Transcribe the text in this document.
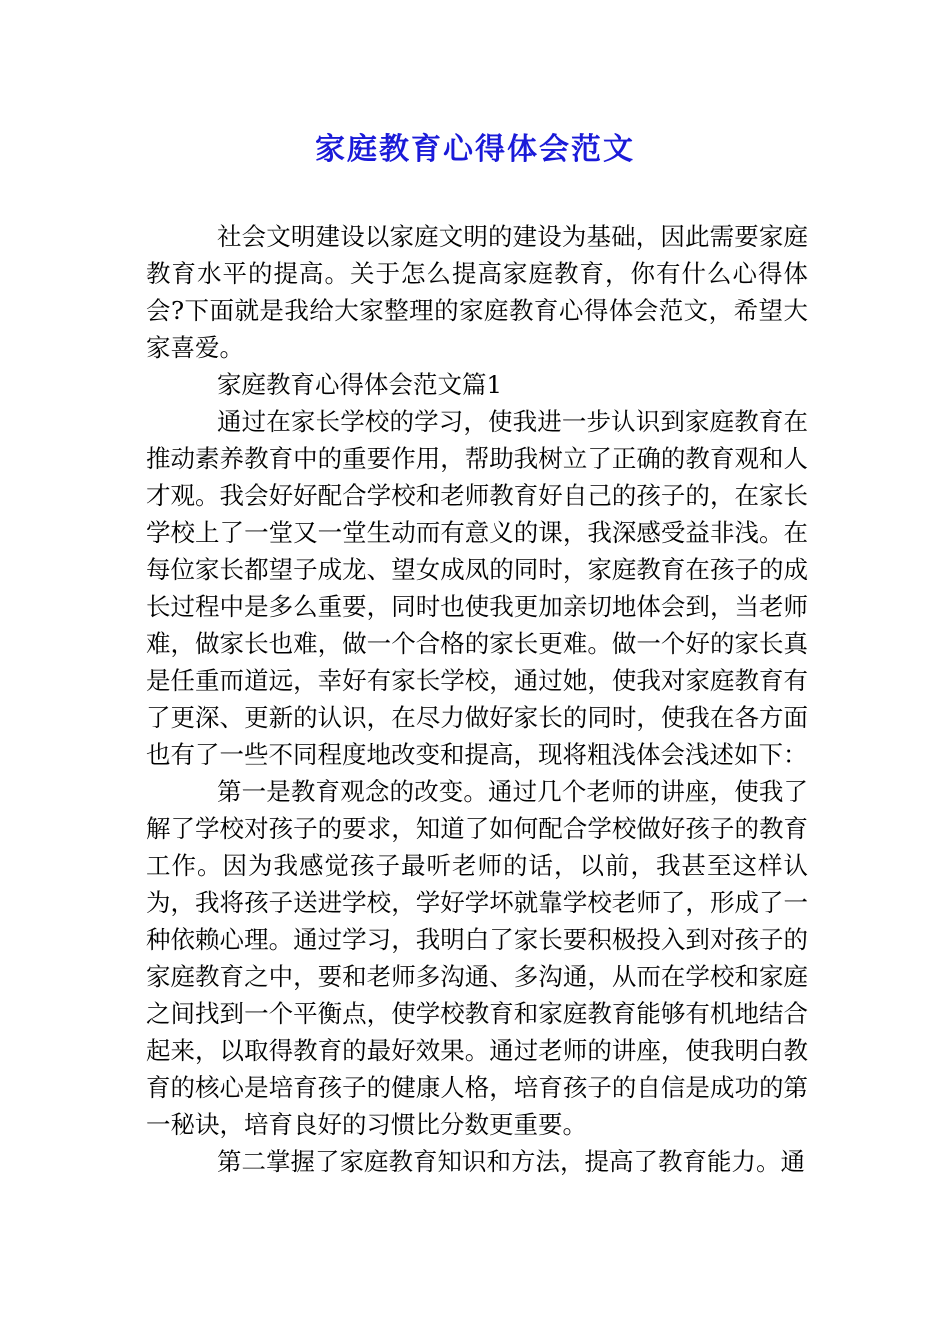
家庭教育心得体会范文

社会文明建设以家庭文明的建设为基础，因此需要家庭教育水平的提高。关于怎么提高家庭教育，你有什么心得体会?下面就是我给大家整理的家庭教育心得体会范文，希望大家喜爱。

家庭教育心得体会范文篇1

通过在家长学校的学习，使我进一步认识到家庭教育在推动素养教育中的重要作用，帮助我树立了正确的教育观和人才观。我会好好配合学校和老师教育好自己的孩子的，在家长学校上了一堂又一堂生动而有意义的课，我深感受益非浅。在每位家长都望子成龙、望女成凤的同时，家庭教育在孩子的成长过程中是多么重要，同时也使我更加亲切地体会到，当老师难，做家长也难，做一个合格的家长更难。做一个好的家长真是任重而道远，幸好有家长学校，通过她，使我对家庭教育有了更深、更新的认识，在尽力做好家长的同时，使我在各方面也有了一些不同程度地改变和提高，现将粗浅体会浅述如下：

第一是教育观念的改变。通过几个老师的讲座，使我了解了学校对孩子的要求，知道了如何配合学校做好孩子的教育工作。因为我感觉孩子最听老师的话，以前，我甚至这样认为，我将孩子送进学校，学好学坏就靠学校老师了，形成了一种依赖心理。通过学习，我明白了家长要积极投入到对孩子的家庭教育之中，要和老师多沟通、多沟通，从而在学校和家庭之间找到一个平衡点，使学校教育和家庭教育能够有机地结合起来，以取得教育的最好效果。通过老师的讲座，使我明白教育的核心是培育孩子的健康人格，培育孩子的自信是成功的第一秘诀，培育良好的习惯比分数更重要。

第二掌握了家庭教育知识和方法，提高了教育能力。通
